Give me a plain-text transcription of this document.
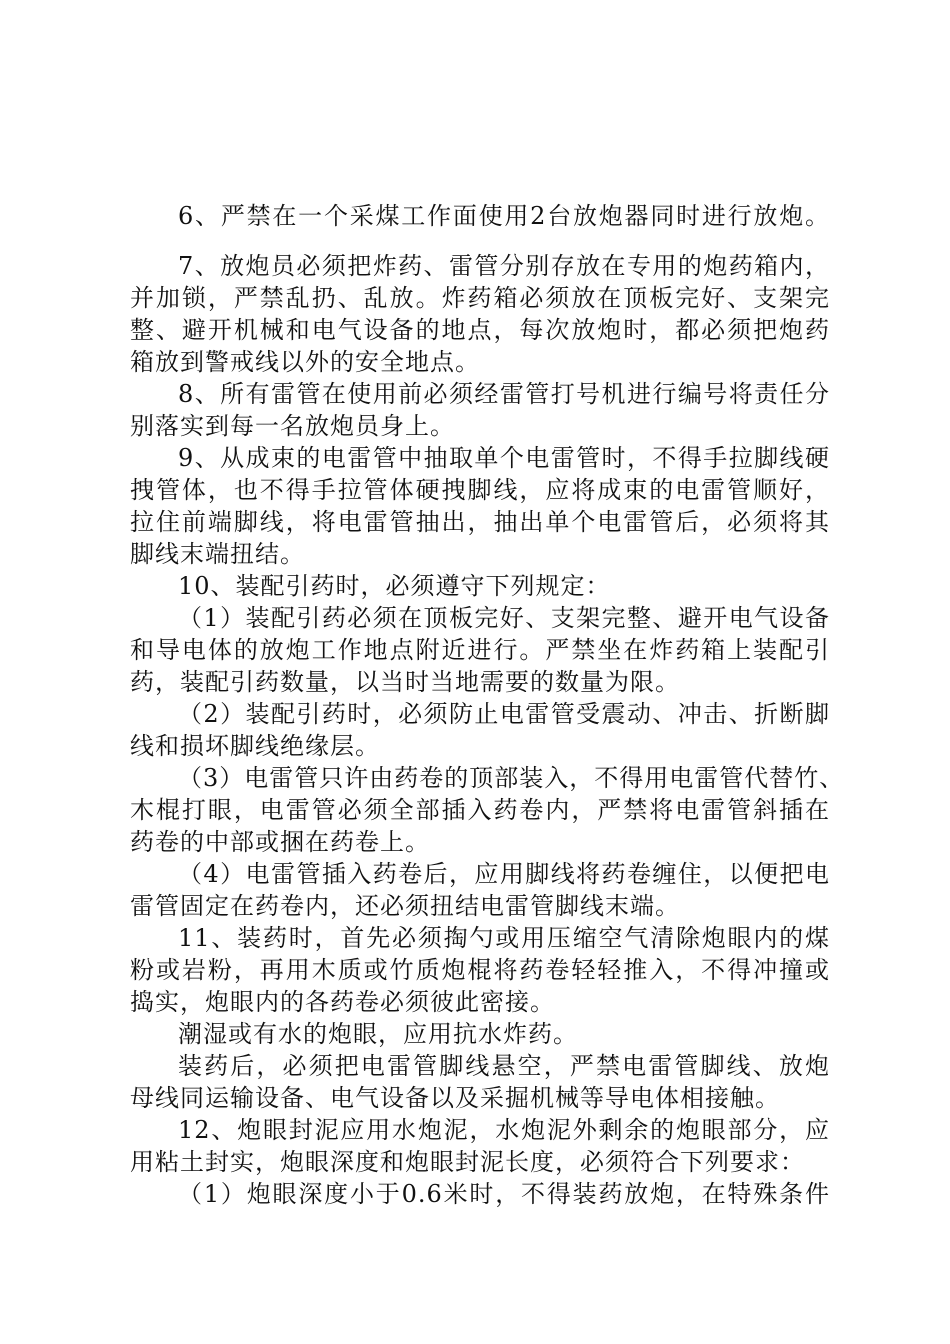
6、严禁在一个采煤工作面使用2台放炮器同时进行放炮。
7、放炮员必须把炸药、雷管分别存放在专用的炮药箱内，
并加锁，严禁乱扔、乱放。炸药箱必须放在顶板完好、支架完
整、避开机械和电气设备的地点，每次放炮时，都必须把炮药
箱放到警戒线以外的安全地点。
8、所有雷管在使用前必须经雷管打号机进行编号将责任分
别落实到每一名放炮员身上。
9、从成束的电雷管中抽取单个电雷管时，不得手拉脚线硬
拽管体，也不得手拉管体硬拽脚线，应将成束的电雷管顺好，
拉住前端脚线，将电雷管抽出，抽出单个电雷管后，必须将其
脚线末端扭结。
10、装配引药时，必须遵守下列规定：
（1）装配引药必须在顶板完好、支架完整、避开电气设备
和导电体的放炮工作地点附近进行。严禁坐在炸药箱上装配引
药，装配引药数量，以当时当地需要的数量为限。
（2）装配引药时，必须防止电雷管受震动、冲击、折断脚
线和损坏脚线绝缘层。
（3）电雷管只许由药卷的顶部装入，不得用电雷管代替竹、
木棍打眼，电雷管必须全部插入药卷内，严禁将电雷管斜插在
药卷的中部或捆在药卷上。
（4）电雷管插入药卷后，应用脚线将药卷缠住，以便把电
雷管固定在药卷内，还必须扭结电雷管脚线末端。
11、装药时，首先必须掏勺或用压缩空气清除炮眼内的煤
粉或岩粉，再用木质或竹质炮棍将药卷轻轻推入，不得冲撞或
捣实，炮眼内的各药卷必须彼此密接。
潮湿或有水的炮眼，应用抗水炸药。
装药后，必须把电雷管脚线悬空，严禁电雷管脚线、放炮
母线同运输设备、电气设备以及采掘机械等导电体相接触。
12、炮眼封泥应用水炮泥，水炮泥外剩余的炮眼部分，应
用粘土封实，炮眼深度和炮眼封泥长度，必须符合下列要求：
（1）炮眼深度小于0.6米时，不得装药放炮，在特殊条件
